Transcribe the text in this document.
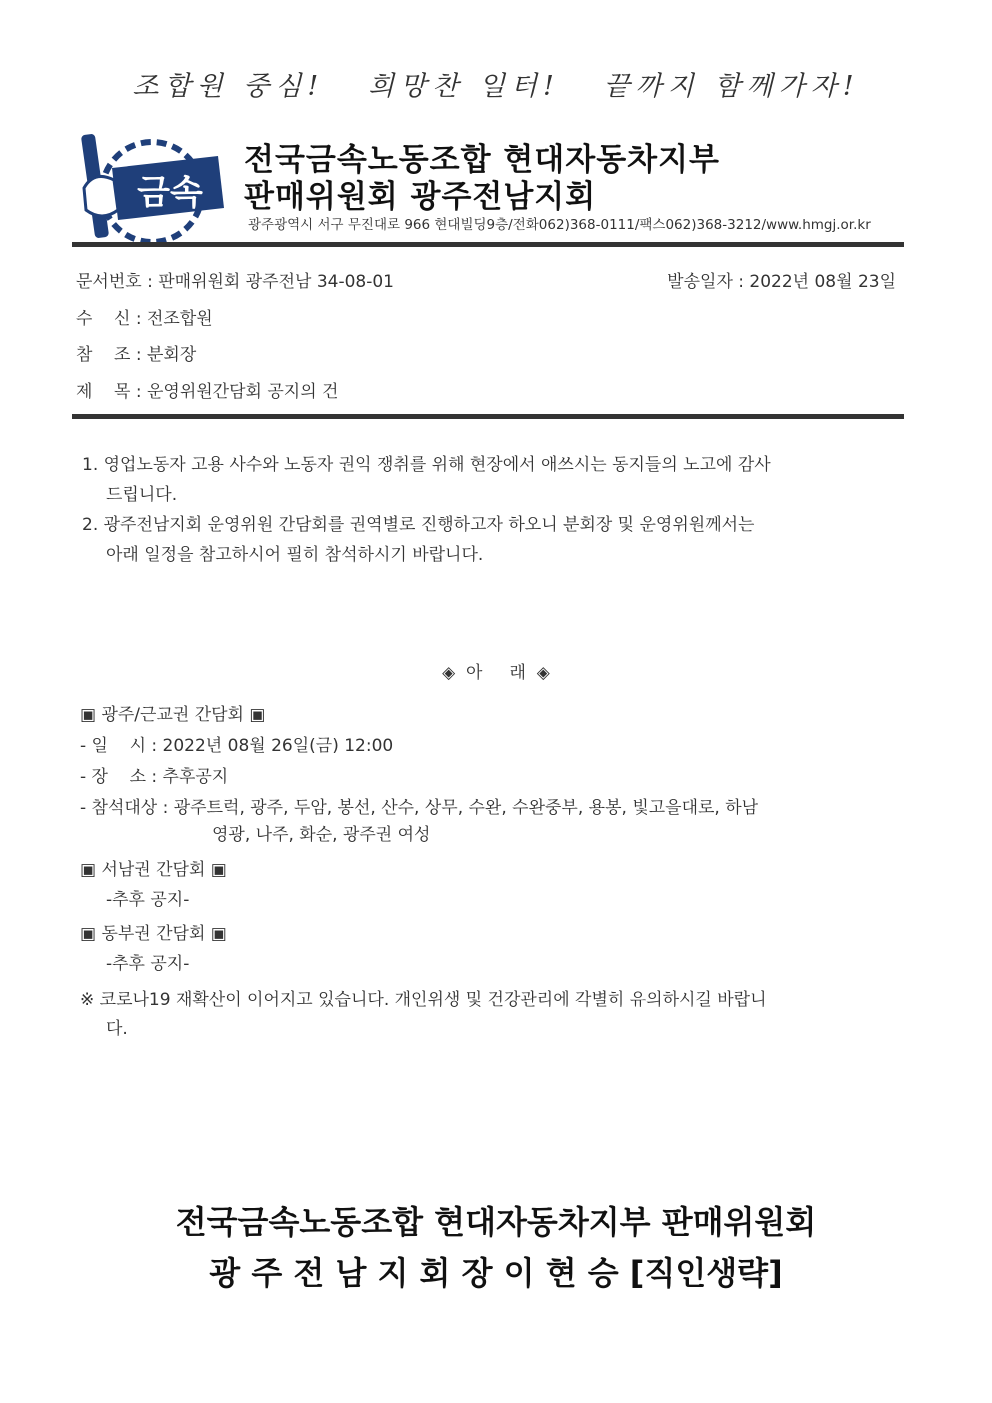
조합원 중심!   희망찬 일터!   끝까지 함께가자!
금속
전국금속노동조합 현대자동차지부
판매위원회 광주전남지회
광주광역시 서구 무진대로 966 현대빌딩9층/전화062)368-0111/팩스062)368-3212/www.hmgj.or.kr
문서번호 : 판매위원회 광주전남 34-08-01	발송일자 : 2022년 08월 23일
수    신 : 전조합원
참    조 : 분회장
제    목 : 운영위원간담회 공지의 건
1. 영업노동자 고용 사수와 노동자 권익 쟁취를 위해 현장에서 애쓰시는 동지들의 노고에 감사
드립니다.
2. 광주전남지회 운영위원 간담회를 권역별로 진행하고자 하오니 분회장 및 운영위원께서는
아래 일정을 참고하시어 필히 참석하시기 바랍니다.
◈  아     래  ◈
▣ 광주/근교권 간담회 ▣
- 일    시 : 2022년 08월 26일(금) 12:00
- 장    소 : 추후공지
- 참석대상 : 광주트럭, 광주, 두암, 봉선, 산수, 상무, 수완, 수완중부, 용봉, 빛고을대로, 하남
영광, 나주, 화순, 광주권 여성
▣ 서남권 간담회 ▣
-추후 공지-
▣ 동부권 간담회 ▣
-추후 공지-
※ 코로나19 재확산이 이어지고 있습니다. 개인위생 및 건강관리에 각별히 유의하시길 바랍니
다.
전국금속노동조합 현대자동차지부 판매위원회
광 주 전 남 지 회 장 이 현 승 [직인생략]
